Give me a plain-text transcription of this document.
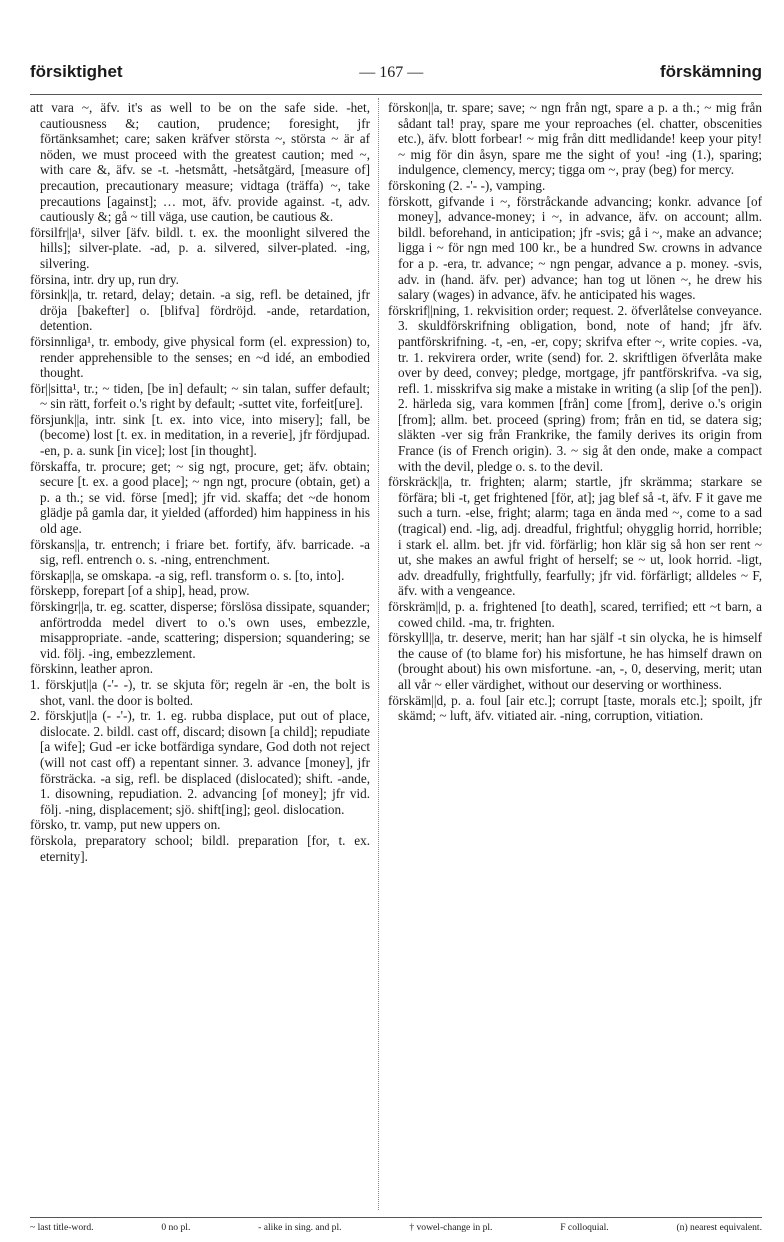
försiktighet	— 167 —	förskämning

att vara ~, äfv. it's as well to be on the safe side. -het, cautiousness &; caution, prudence; foresight, jfr förtänksamhet; care; saken kräfver största ~, största ~ är af nöden, we must proceed with the greatest caution; med ~, with care &, äfv. se -t. -hetsmått, -hetsåtgärd, [measure of] precaution, precautionary measure; vidtaga (träffa) ~, take precautions [against]; … mot, äfv. provide against. -t, adv. cautiously &; gå ~ till väga, use caution, be cautious &.

försilfr||a¹, silver [äfv. bildl. t. ex. the moonlight silvered the hills]; silver-plate. -ad, p. a. silvered, silver-plated. -ing, silvering.

försina, intr. dry up, run dry.

försink||a, tr. retard, delay; detain. -a sig, refl. be detained, jfr dröja [bakefter] o. [blifva] fördröjd. -ande, retardation, detention.

försinnliga¹, tr. embody, give physical form (el. expression) to, render apprehensible to the senses; en ~d idé, an embodied thought.

för||sitta¹, tr.; ~ tiden, [be in] default; ~ sin talan, suffer default; ~ sin rätt, forfeit o.'s right by default; -suttet vite, forfeit[ure].

försjunk||a, intr. sink [t. ex. into vice, into misery]; fall, be (become) lost [t. ex. in meditation, in a reverie], jfr fördjupad. -en, p. a. sunk [in vice]; lost [in thought].

förskaffa, tr. procure; get; ~ sig ngt, procure, get; äfv. obtain; secure [t. ex. a good place]; ~ ngn ngt, procure (obtain, get) a p. a th.; se vid. förse [med]; jfr vid. skaffa; det ~de honom glädje på gamla dar, it yielded (afforded) him happiness in his old age.

förskans||a, tr. entrench; i friare bet. fortify, äfv. barricade. -a sig, refl. entrench o. s. -ning, entrenchment.

förskap||a, se omskapa. -a sig, refl. transform o. s. [to, into].

förskepp, forepart [of a ship], head, prow.

förskingr||a, tr. eg. scatter, disperse; förslösa dissipate, squander; anförtrodda medel divert to o.'s own uses, embezzle, misappropriate. -ande, scattering; dispersion; squandering; se vid. följ. -ing, embezzlement.

förskinn, leather apron.

1. förskjut||a (-'- -), tr. se skjuta för; regeln är -en, the bolt is shot, vanl. the door is bolted.

2. förskjut||a (- -'-), tr. 1. eg. rubba displace, put out of place, dislocate. 2. bildl. cast off, discard; disown [a child]; repudiate [a wife]; Gud -er icke botfärdiga syndare, God doth not reject (will not cast off) a repentant sinner. 3. advance [money], jfr försträcka. -a sig, refl. be displaced (dislocated); shift. -ande, 1. disowning, repudiation. 2. advancing [of money]; jfr vid. följ. -ning, displacement; sjö. shift[ing]; geol. dislocation.

försko, tr. vamp, put new uppers on.

förskola, preparatory school; bildl. preparation [for, t. ex. eternity].

förskon||a, tr. spare; save; ~ ngn från ngt, spare a p. a th.; ~ mig från sådant tal! pray, spare me your reproaches (el. chatter, obscenities etc.), äfv. blott forbear! ~ mig från ditt medlidande! keep your pity! ~ mig för din åsyn, spare me the sight of you! -ing (1.), sparing; indulgence, clemency, mercy; tigga om ~, pray (beg) for mercy.

förskoning (2. -'- -), vamping.

förskott, gifvande i ~, förstråckande advancing; konkr. advance [of money], advance-money; i ~, in advance, äfv. on account; allm. bildl. beforehand, in anticipation; jfr -svis; gå i ~, make an advance; ligga i ~ för ngn med 100 kr., be a hundred Sw. crowns in advance for a p. -era, tr. advance; ~ ngn pengar, advance a p. money. -svis, adv. in (hand. äfv. per) advance; han tog ut lönen ~, he drew his salary (wages) in advance, äfv. he anticipated his wages.

förskrif||ning, 1. rekvisition order; request. 2. öfverlåtelse conveyance. 3. skuldförskrifning obligation, bond, note of hand; jfr äfv. pantförskrifning. -t, -en, -er, copy; skrifva efter ~, write copies. -va, tr. 1. rekvirera order, write (send) for. 2. skriftligen öfverlåta make over by deed, convey; pledge, mortgage, jfr pantförskrifva. -va sig, refl. 1. misskrifva sig make a mistake in writing (a slip [of the pen]). 2. härleda sig, vara kommen [från] come [from], derive o.'s origin [from]; allm. bet. proceed (spring) from; från en tid, se datera sig; släkten -ver sig från Frankrike, the family derives its origin from France (is of French origin). 3. ~ sig åt den onde, make a compact with the devil, pledge o. s. to the devil.

förskräck||a, tr. frighten; alarm; startle, jfr skrämma; starkare se förfära; bli -t, get frightened [för, at]; jag blef så -t, äfv. F it gave me such a turn. -else, fright; alarm; taga en ända med ~, come to a sad (tragical) end. -lig, adj. dreadful, frightful; ohygglig horrid, horrible; i stark el. allm. bet. jfr vid. förfärlig; hon klär sig så hon ser rent ~ ut, she makes an awful fright of herself; se ~ ut, look horrid. -ligt, adv. dreadfully, frightfully, fearfully; jfr vid. förfärligt; alldeles ~ F, äfv. with a vengeance.

förskräm||d, p. a. frightened [to death], scared, terrified; ett ~t barn, a cowed child. -ma, tr. frighten.

förskyll||a, tr. deserve, merit; han har själf -t sin olycka, he is himself the cause of (to blame for) his misfortune, he has himself drawn on (brought about) his own misfortune. -an, -, 0, deserving, merit; utan all vår ~ eller värdighet, without our deserving or worthiness.

förskäm||d, p. a. foul [air etc.]; corrupt [taste, morals etc.]; spoilt, jfr skämd; ~ luft, äfv. vitiated air. -ning, corruption, vitiation.

~ last title-word.	0 no pl.	- alike in sing. and pl.	† vowel-change in pl.	F colloquial.	(n) nearest equivalent.
